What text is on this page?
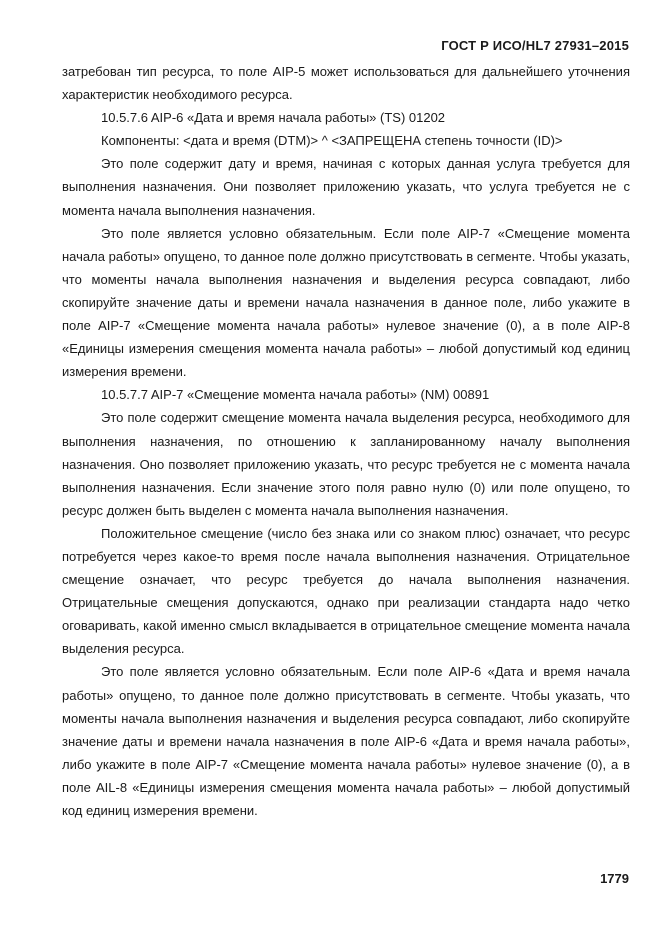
ГОСТ Р ИСО/HL7 27931–2015

затребован тип ресурса, то поле AIP-5 может использоваться для дальнейшего уточнения характеристик необходимого ресурса.

10.5.7.6 AIP-6 «Дата и время начала работы» (TS) 01202

Компоненты: <дата и время (DTM)> ^ <ЗАПРЕЩЕНА степень точности (ID)>

Это поле содержит дату и время, начиная с которых данная услуга требуется для выполнения назначения. Они позволяет приложению указать, что услуга требуется не с момента начала выполнения назначения.

Это поле является условно обязательным. Если поле AIP-7 «Смещение момента начала работы» опущено, то данное поле должно присутствовать в сегменте. Чтобы указать, что моменты начала выполнения назначения и выделения ресурса совпадают, либо скопируйте значение даты и времени начала назначения в данное поле, либо укажите в поле AIP-7 «Смещение момента начала работы» нулевое значение (0), а в поле AIP-8 «Единицы измерения смещения момента начала работы» – любой допустимый код единиц измерения времени.

10.5.7.7 AIP-7 «Смещение момента начала работы» (NM) 00891

Это поле содержит смещение момента начала выделения ресурса, необходимого для выполнения назначения, по отношению к запланированному началу выполнения назначения. Оно позволяет приложению указать, что ресурс требуется не с момента начала выполнения назначения. Если значение этого поля равно нулю (0) или поле опущено, то ресурс должен быть выделен с момента начала выполнения назначения.

Положительное смещение (число без знака или со знаком плюс) означает, что ресурс потребуется через какое-то время после начала выполнения назначения. Отрицательное смещение означает, что ресурс требуется до начала выполнения назначения. Отрицательные смещения допускаются, однако при реализации стандарта надо четко оговаривать, какой именно смысл вкладывается в отрицательное смещение момента начала выделения ресурса.

Это поле является условно обязательным. Если поле AIP-6 «Дата и время начала работы» опущено, то данное поле должно присутствовать в сегменте. Чтобы указать, что моменты начала выполнения назначения и выделения ресурса совпадают, либо скопируйте значение даты и времени начала назначения в поле AIP-6 «Дата и время начала работы», либо укажите в поле AIP-7 «Смещение момента начала работы» нулевое значение (0), а в поле AIL-8 «Единицы измерения смещения момента начала работы» – любой допустимый код единиц измерения времени.

1779
